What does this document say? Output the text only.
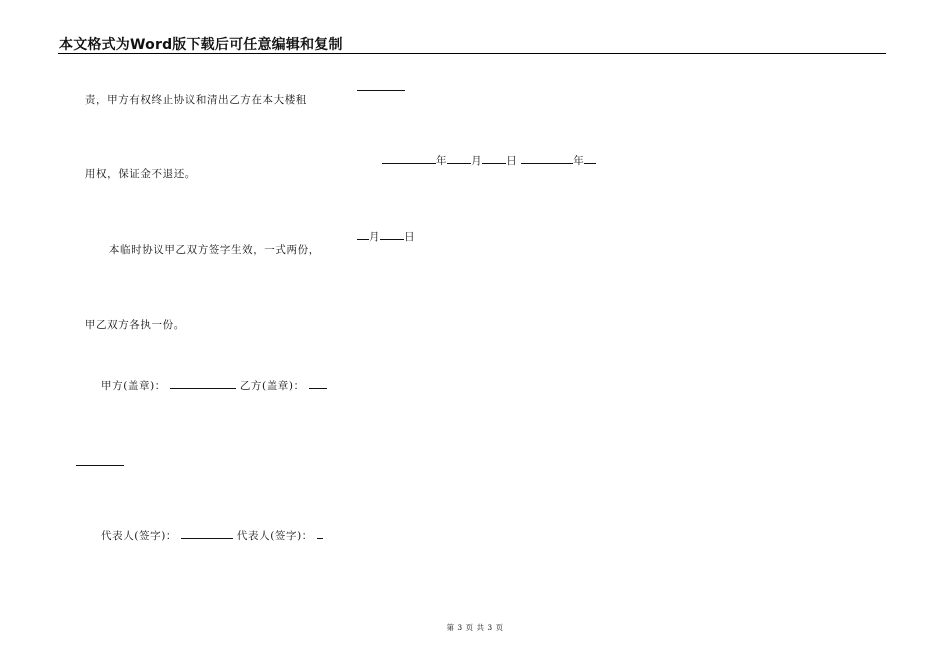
本文格式为Word版下载后可任意编辑和复制

责，甲方有权终止协议和清出乙方在本大楼租

用权，保证金不退还。

年 月 日	年

本临时协议甲乙双方签字生效，一式两份，

月 日

甲乙双方各执一份。

甲方(盖章)：	乙方(盖章)：
代表人(签字)：	代表人(签字)：
第 3 页 共 3 页
